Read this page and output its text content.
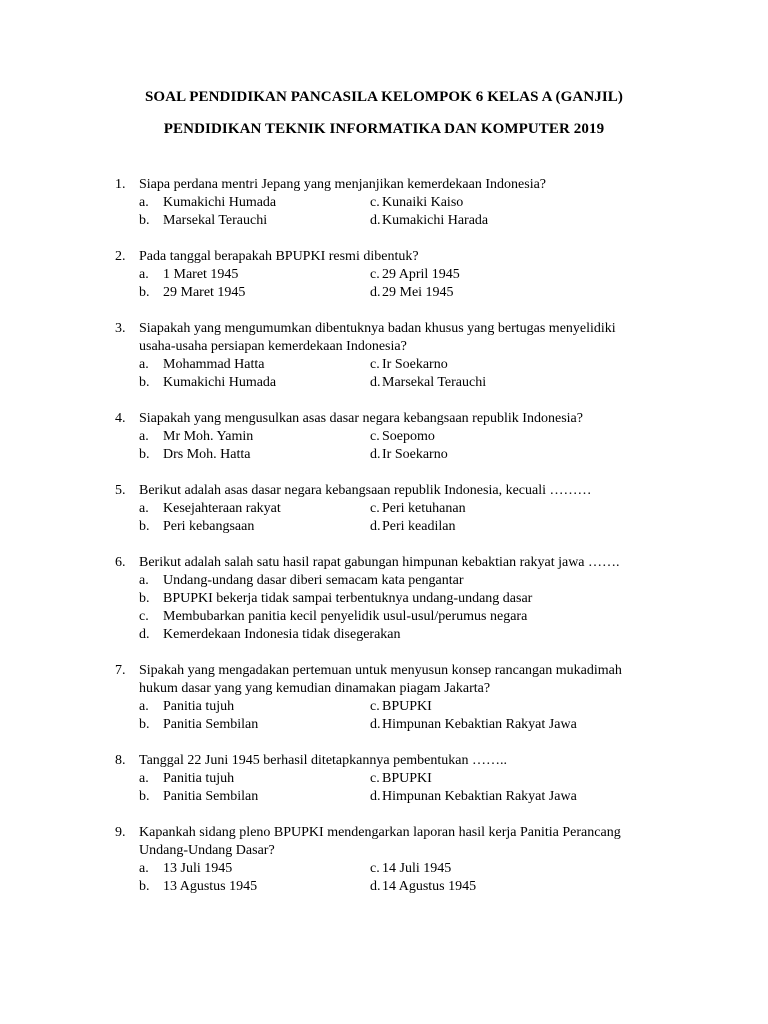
SOAL PENDIDIKAN PANCASILA KELOMPOK 6 KELAS A (GANJIL)
PENDIDIKAN TEKNIK INFORMATIKA DAN KOMPUTER 2019
1. Siapa perdana mentri Jepang yang menjanjikan kemerdekaan Indonesia?
a. Kumakichi Humada	c. Kunaiki Kaiso
b. Marsekal Terauchi	d. Kumakichi Harada
2. Pada tanggal berapakah BPUPKI resmi dibentuk?
a. 1 Maret 1945	c. 29 April 1945
b. 29 Maret 1945	d. 29 Mei 1945
3. Siapakah yang mengumumkan dibentuknya badan khusus yang bertugas menyelidiki
usaha-usaha persiapan kemerdekaan Indonesia?
a. Mohammad Hatta	c. Ir Soekarno
b. Kumakichi Humada	d. Marsekal Terauchi
4. Siapakah yang mengusulkan asas dasar negara kebangsaan republik Indonesia?
a. Mr Moh. Yamin	c. Soepomo
b. Drs Moh. Hatta	d. Ir Soekarno
5. Berikut adalah asas dasar negara kebangsaan republik Indonesia, kecuali ………
a. Kesejahteraan rakyat	c. Peri ketuhanan
b. Peri kebangsaan	d. Peri keadilan
6. Berikut adalah salah satu hasil rapat gabungan himpunan kebaktian rakyat jawa …….
a. Undang-undang dasar diberi semacam kata pengantar
b. BPUPKI bekerja tidak sampai terbentuknya undang-undang dasar
c. Membubarkan panitia kecil penyelidik usul-usul/perumus negara
d. Kemerdekaan Indonesia tidak disegerakan
7. Sipakah yang mengadakan pertemuan untuk menyusun konsep rancangan mukadimah
hukum dasar yang yang kemudian dinamakan piagam Jakarta?
a. Panitia tujuh	c. BPUPKI
b. Panitia Sembilan	d. Himpunan Kebaktian Rakyat Jawa
8. Tanggal 22 Juni 1945 berhasil ditetapkannya pembentukan ……..
a. Panitia tujuh	c. BPUPKI
b. Panitia Sembilan	d. Himpunan Kebaktian Rakyat Jawa
9. Kapankah sidang pleno BPUPKI mendengarkan laporan hasil kerja Panitia Perancang
Undang-Undang Dasar?
a. 13 Juli 1945	c. 14 Juli 1945
b. 13 Agustus 1945	d. 14 Agustus 1945
